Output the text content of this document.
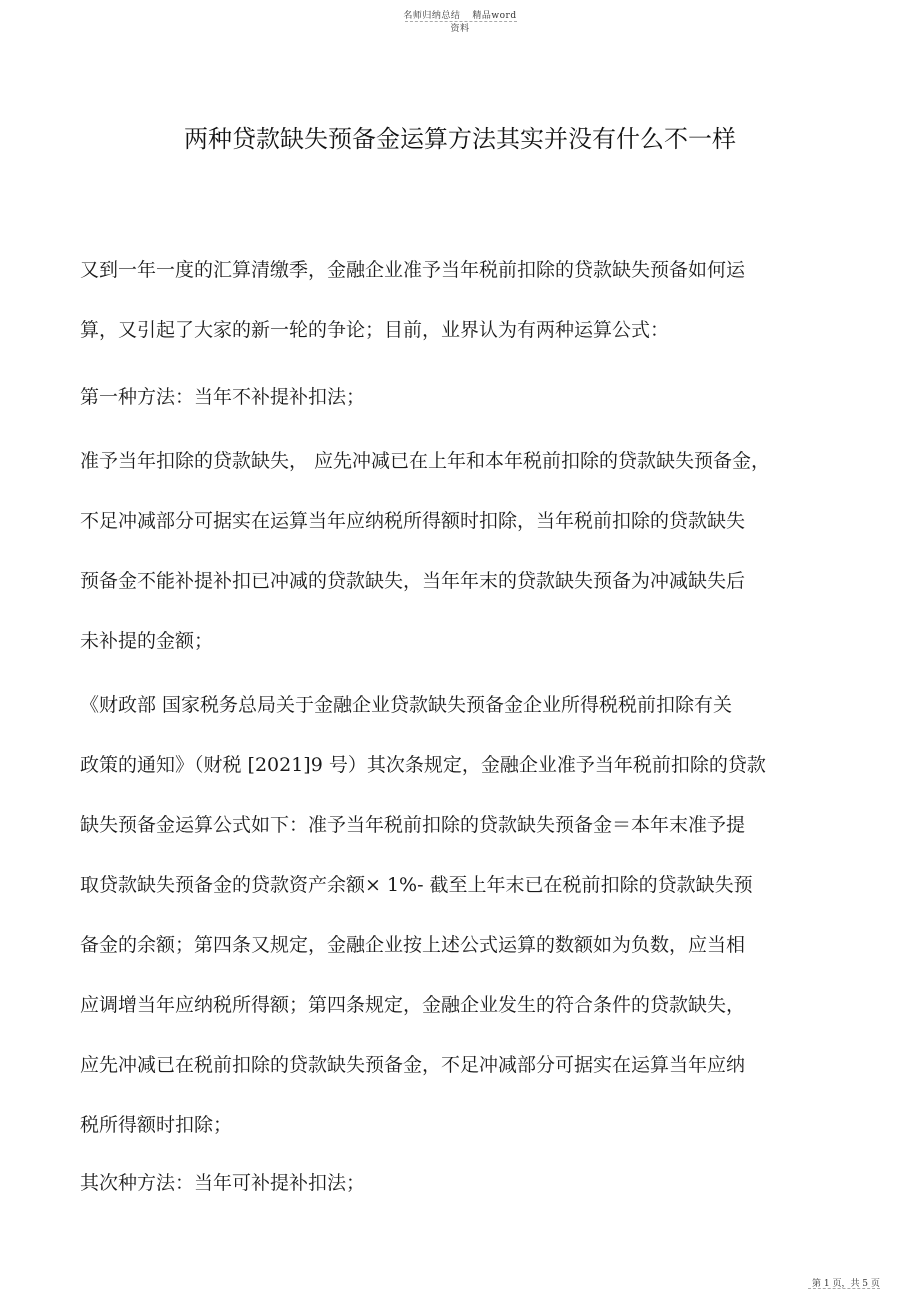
名师归纳总结 精品word资料
两种贷款缺失预备金运算方法其实并没有什么不一样
又到一年一度的汇算清缴季，金融企业准予当年税前扣除的贷款缺失预备如何运
算，又引起了大家的新一轮的争论；目前，业界认为有两种运算公式：
第一种方法：当年不补提补扣法；
准予当年扣除的贷款缺失， 应先冲减已在上年和本年税前扣除的贷款缺失预备金，
不足冲减部分可据实在运算当年应纳税所得额时扣除，当年税前扣除的贷款缺失
预备金不能补提补扣已冲减的贷款缺失，当年年末的贷款缺失预备为冲减缺失后
未补提的金额；
《财政部 国家税务总局关于金融企业贷款缺失预备金企业所得税税前扣除有关
政策的通知》（财税 [2021]9 号）其次条规定，金融企业准予当年税前扣除的贷款
缺失预备金运算公式如下：准予当年税前扣除的贷款缺失预备金＝本年末准予提
取贷款缺失预备金的贷款资产余额× 1%- 截至上年末已在税前扣除的贷款缺失预
备金的余额；第四条又规定，金融企业按上述公式运算的数额如为负数，应当相
应调增当年应纳税所得额；第四条规定，金融企业发生的符合条件的贷款缺失，
应先冲减已在税前扣除的贷款缺失预备金，不足冲减部分可据实在运算当年应纳
税所得额时扣除；
其次种方法：当年可补提补扣法；
第 1 页，共 5 页
